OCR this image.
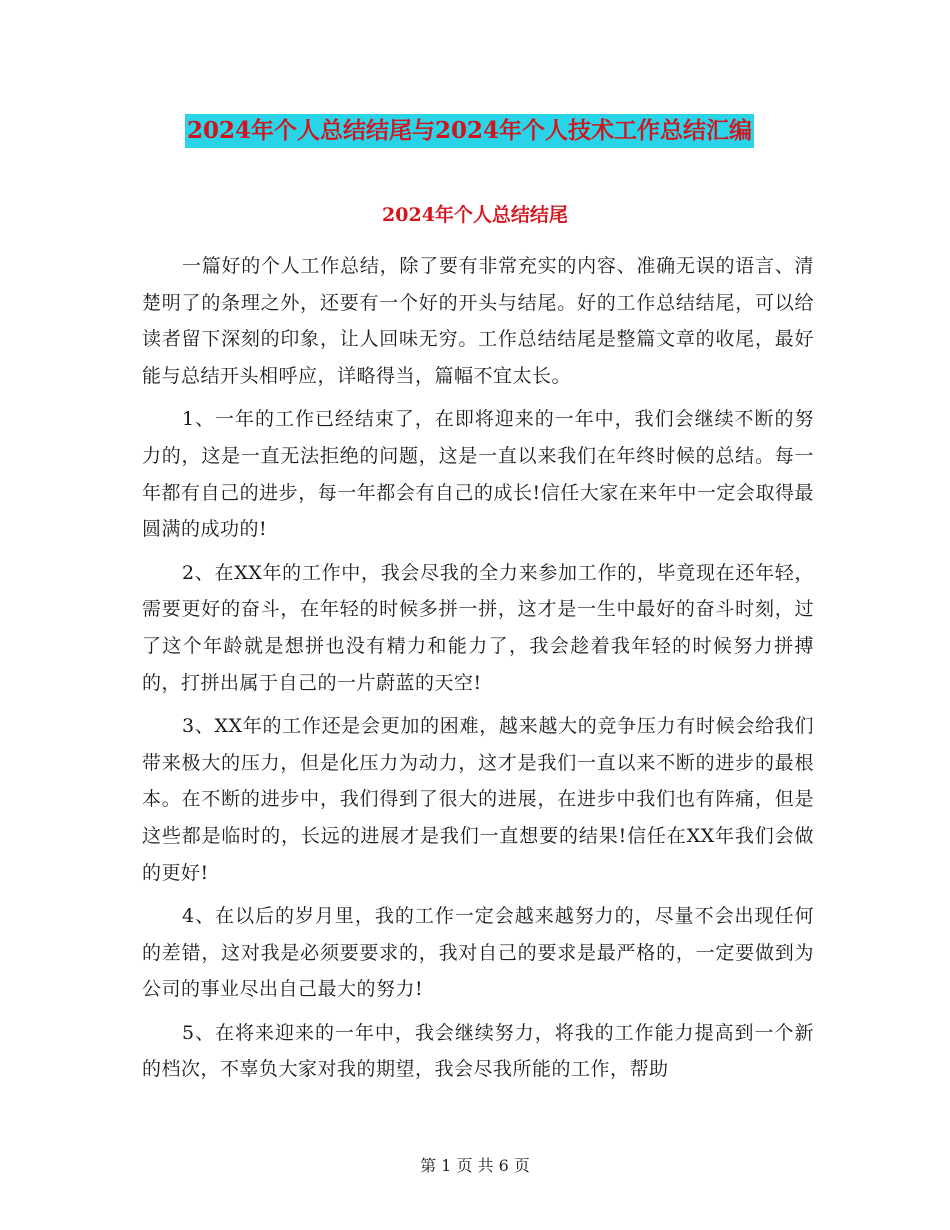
2024年个人总结结尾与2024年个人技术工作总结汇编
2024年个人总结结尾

一篇好的个人工作总结，除了要有非常充实的内容、准确无误的语言、清楚明了的条理之外，还要有一个好的开头与结尾。好的工作总结结尾，可以给读者留下深刻的印象，让人回味无穷。工作总结结尾是整篇文章的收尾，最好能与总结开头相呼应，详略得当，篇幅不宜太长。

1、一年的工作已经结束了，在即将迎来的一年中，我们会继续不断的努力的，这是一直无法拒绝的问题，这是一直以来我们在年终时候的总结。每一年都有自己的进步，每一年都会有自己的成长!信任大家在来年中一定会取得最圆满的成功的!

2、在XX年的工作中，我会尽我的全力来参加工作的，毕竟现在还年轻，需要更好的奋斗，在年轻的时候多拼一拼，这才是一生中最好的奋斗时刻，过了这个年龄就是想拼也没有精力和能力了，我会趁着我年轻的时候努力拼搏的，打拼出属于自己的一片蔚蓝的天空!

3、XX年的工作还是会更加的困难，越来越大的竞争压力有时候会给我们带来极大的压力，但是化压力为动力，这才是我们一直以来不断的进步的最根本。在不断的进步中，我们得到了很大的进展，在进步中我们也有阵痛，但是这些都是临时的，长远的进展才是我们一直想要的结果!信任在XX年我们会做的更好!

4、在以后的岁月里，我的工作一定会越来越努力的，尽量不会出现任何的差错，这对我是必须要要求的，我对自己的要求是最严格的，一定要做到为公司的事业尽出自己最大的努力!

5、在将来迎来的一年中，我会继续努力，将我的工作能力提高到一个新的档次，不辜负大家对我的期望，我会尽我所能的工作，帮助

第 1 页 共 6 页
